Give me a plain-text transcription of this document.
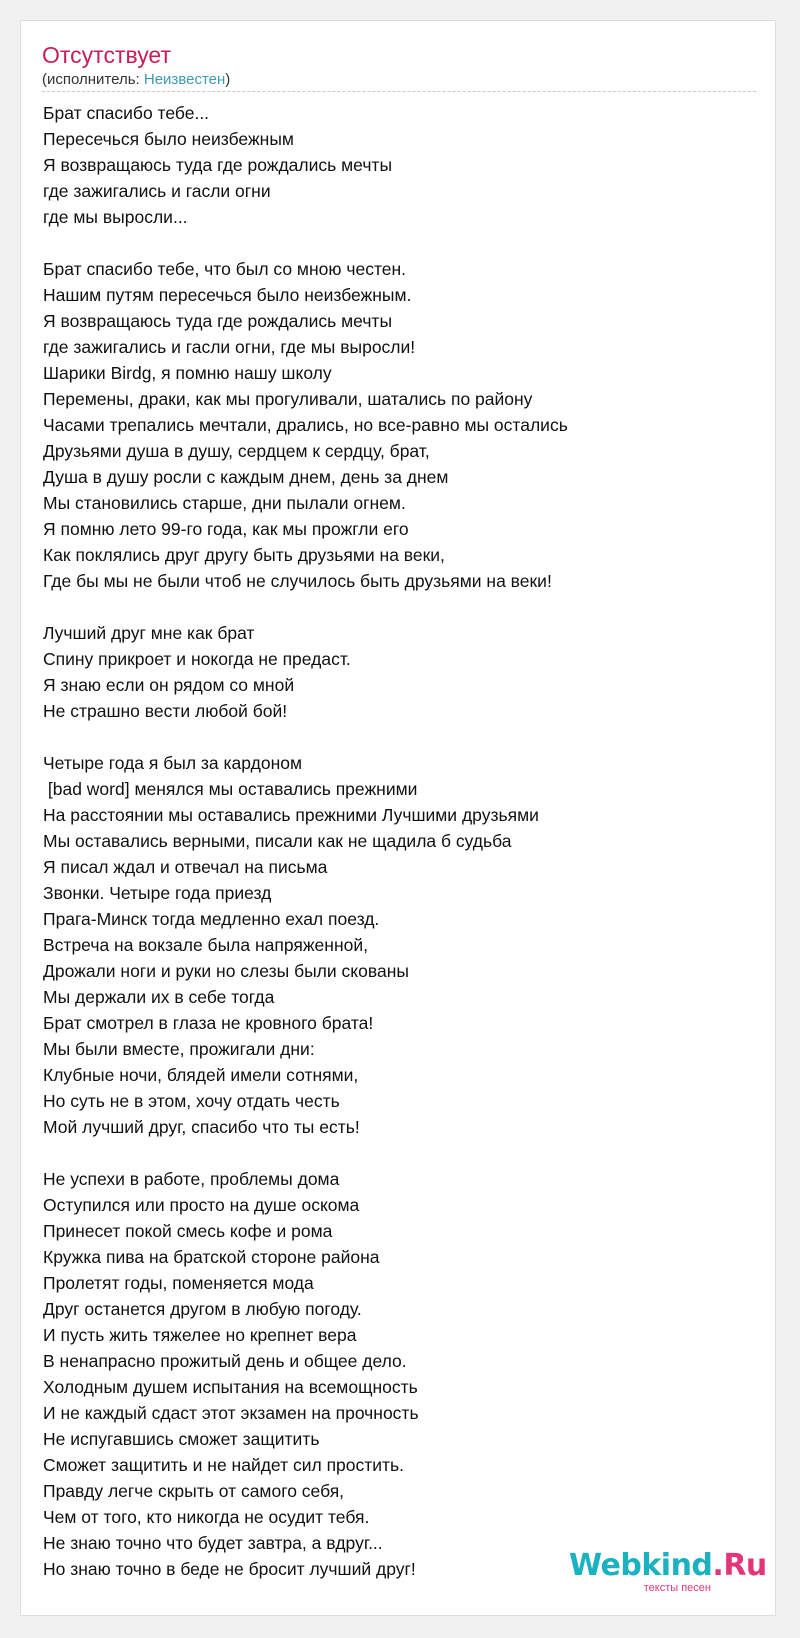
Отсутствует
(исполнитель: Неизвестен)
Брат спасибо тебе...
Пересечься было неизбежным
Я возвращаюсь туда где рождались мечты
где зажигались и гасли огни
где мы выросли...
Брат спасибо тебе, что был со мною честен.
Нашим путям пересечься было неизбежным.
Я возвращаюсь туда где рождались мечты
где зажигались и гасли огни, где мы выросли!
Шарики Birdg, я помню нашу школу
Перемены, драки, как мы прогуливали, шатались по району
Часами трепались мечтали, дрались, но все-равно мы остались
Друзьями душа в душу, сердцем к сердцу, брат,
Душа в душу росли с каждым днем, день за днем
Мы становились старше, дни пылали огнем.
Я помню лето 99-го года, как мы прожгли его
Как поклялись друг другу быть друзьями на веки,
Где бы мы не были чтоб не случилось быть друзьями на веки!
Лучший друг мне как брат
Спину прикроет и нокогда не предаст.
Я знаю если он рядом со мной
Не страшно вести любой бой!
Четыре года я был за кардоном
[bad word] менялся мы оставались прежними
На расстоянии мы оставались прежними Лучшими друзьями
Мы оставались верными, писали как не щадила б судьба
Я писал ждал и отвечал на письма
Звонки. Четыре года приезд
Прага-Минск тогда медленно ехал поезд.
Встреча на вокзале была напряженной,
Дрожали ноги и руки но слезы были скованы
Мы держали их в себе тогда
Брат смотрел в глаза не кровного брата!
Мы были вместе, прожигали дни:
Клубные ночи, блядей имели сотнями,
Но суть не в этом, хочу отдать честь
Мой лучший друг, спасибо что ты есть!
Не успехи в работе, проблемы дома
Оступился или просто на душе оскома
Принесет покой смесь кофе и рома
Кружка пива на братской стороне района
Пролетят годы, поменяется мода
Друг останется другом в любую погоду.
И пусть жить тяжелее но крепнет вера
В ненапрасно прожитый день и общее дело.
Холодным душем испытания на всемощность
И не каждый сдаст этот экзамен на прочность
Не испугавшись сможет защитить
Сможет защитить и не найдет сил простить.
Правду легче скрыть от самого себя,
Чем от того, кто никогда не осудит тебя.
Не знаю точно что будет завтра, а вдруг...
Но знаю точно в беде не бросит лучший друг!	Webkind.Ru
тексты песен
